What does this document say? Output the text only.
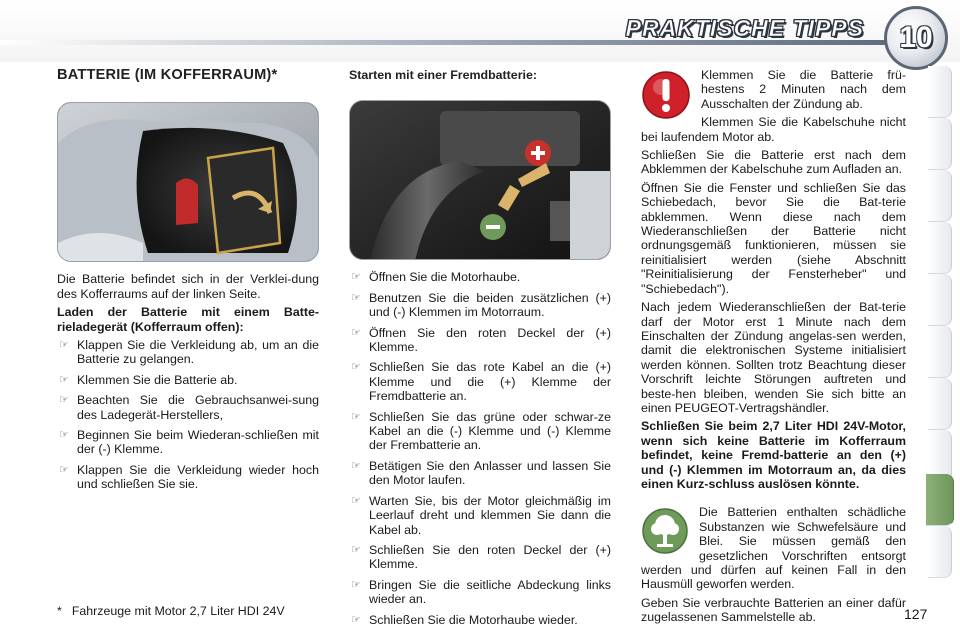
PRAKTISCHE TIPPS 10
BATTERIE (IM KOFFERRAUM)*

Die Batterie befindet sich in der Verklei-dung des Kofferraums auf der linken Seite.

Laden der Batterie mit einem Batte-rieladegerät (Kofferraum offen):

☞ Klappen Sie die Verkleidung ab, um an die Batterie zu gelangen.
☞ Klemmen Sie die Batterie ab.
☞ Beachten Sie die Gebrauchsanwei-sung des Ladegerät-Herstellers,
☞ Beginnen Sie beim Wiederan-schließen mit der (-) Klemme.
☞ Klappen Sie die Verkleidung wieder hoch und schließen Sie sie.
Starten mit einer Fremdbatterie:
☞ Öffnen Sie die Motorhaube.
☞ Benutzen Sie die beiden zusätzlichen (+) und (-) Klemmen im Motorraum.
☞ Öffnen Sie den roten Deckel der (+) Klemme.
☞ Schließen Sie das rote Kabel an die (+) Klemme und die (+) Klemme der Fremdbatterie an.
☞ Schließen Sie das grüne oder schwar-ze Kabel an die (-) Klemme und (-) Klemme der Frembatterie an.
☞ Betätigen Sie den Anlasser und lassen Sie den Motor laufen.
☞ Warten Sie, bis der Motor gleichmäßig im Leerlauf dreht und klemmen Sie dann die Kabel ab.
☞ Schließen Sie den roten Deckel der (+) Klemme.
☞ Bringen Sie die seitliche Abdeckung links wieder an.
☞ Schließen Sie die Motorhaube wieder.

Klemmen Sie die Batterie frü-hestens 2 Minuten nach dem Ausschalten der Zündung ab.

Klemmen Sie die Kabelschuhe nicht bei laufendem Motor ab.

Schließen Sie die Batterie erst nach dem Abklemmen der Kabelschuhe zum Aufladen an.

Öffnen Sie die Fenster und schließen Sie das Schiebedach, bevor Sie die Bat-terie abklemmen. Wenn diese nach dem Wiederanschließen der Batterie nicht ordnungsgemäß funktionieren, müssen sie reinitialisiert werden (siehe Abschnitt "Reinitialisierung der Fensterheber" und "Schiebedach").

Nach jedem Wiederanschließen der Bat-terie darf der Motor erst 1 Minute nach dem Einschalten der Zündung angelas-sen werden, damit die elektronischen Systeme initialisiert werden können. Sollten trotz Beachtung dieser Vorschrift leichte Störungen auftreten und beste-hen bleiben, wenden Sie sich bitte an einen PEUGEOT-Vertragshändler.

Schließen Sie beim 2,7 Liter HDI 24V-Motor, wenn sich keine Batterie im Kofferraum befindet, keine Fremd-batterie an den (+) und (-) Klemmen im Motorraum an, da dies einen Kurz-schluss auslösen könnte.

Die Batterien enthalten schädliche Substanzen wie Schwefelsäure und Blei. Sie müssen gemäß den gesetzlichen Vorschriften entsorgt werden und dürfen auf keinen Fall in den Hausmüll geworfen werden.

Geben Sie verbrauchte Batterien an einer dafür zugelassenen Sammelstelle ab.

* Fahrzeuge mit Motor 2,7 Liter HDI 24V	127
